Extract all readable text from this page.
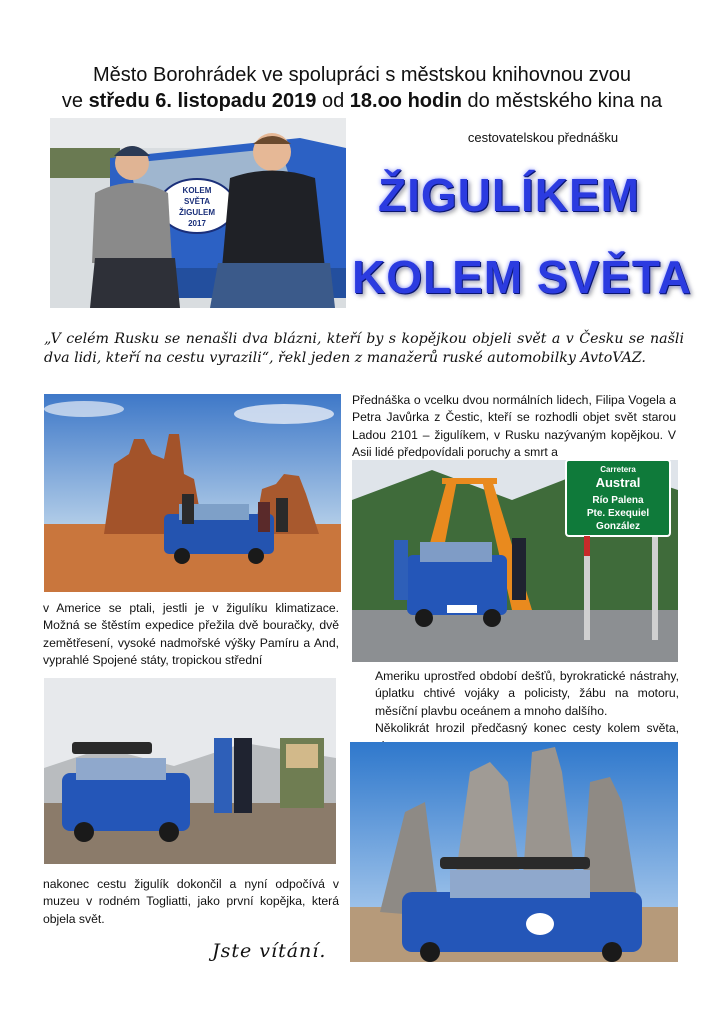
Město Borohrádek ve spolupráci s městskou knihovnou zvou
ve středu 6. listopadu 2019 od 18.oo hodin do městského kina na
KOLEM
SVĚTA
ŽIGULEM
2017
cestovatelskou přednášku
ŽIGULÍKEM
KOLEM SVĚTA
„V celém Rusku se nenašli dva blázni, kteří by s kopějkou objeli svět a v Česku se našli dva lidi, kteří na cestu vyrazili“, řekl jeden z manažerů ruské automobilky AvtoVAZ.
Přednáška o vcelku dvou normálních lidech, Filipa Vogela a Petra Javůrka z Čestic, kteří se rozhodli objet svět starou Ladou 2101 – žigulíkem, v Rusku nazývaným kopějkou. V Asii lidé předpovídali poruchy a smrt a
Carretera
Austral
Río Palena
Pte. Exequiel
González
v Americe se ptali, jestli je v žigulíku klimatizace. Možná se štěstím expedice přežila dvě bouračky, dvě zemětřesení, vysoké nadmořské výšky Pamíru a And, vyprahlé Spojené státy, tropickou střední
Ameriku uprostřed období dešťů, byrokratické nástrahy, úplatku chtivé vojáky a policisty, žábu na motoru, měsíční plavbu oceánem a mnoho dalšího.
Několikrát hrozil předčasný konec cesty kolem světa,
nakonec cestu žigulík dokončil a nyní odpočívá v muzeu v rodném Togliatti, jako první kopějka, která objela svět.
Jste vítání.
